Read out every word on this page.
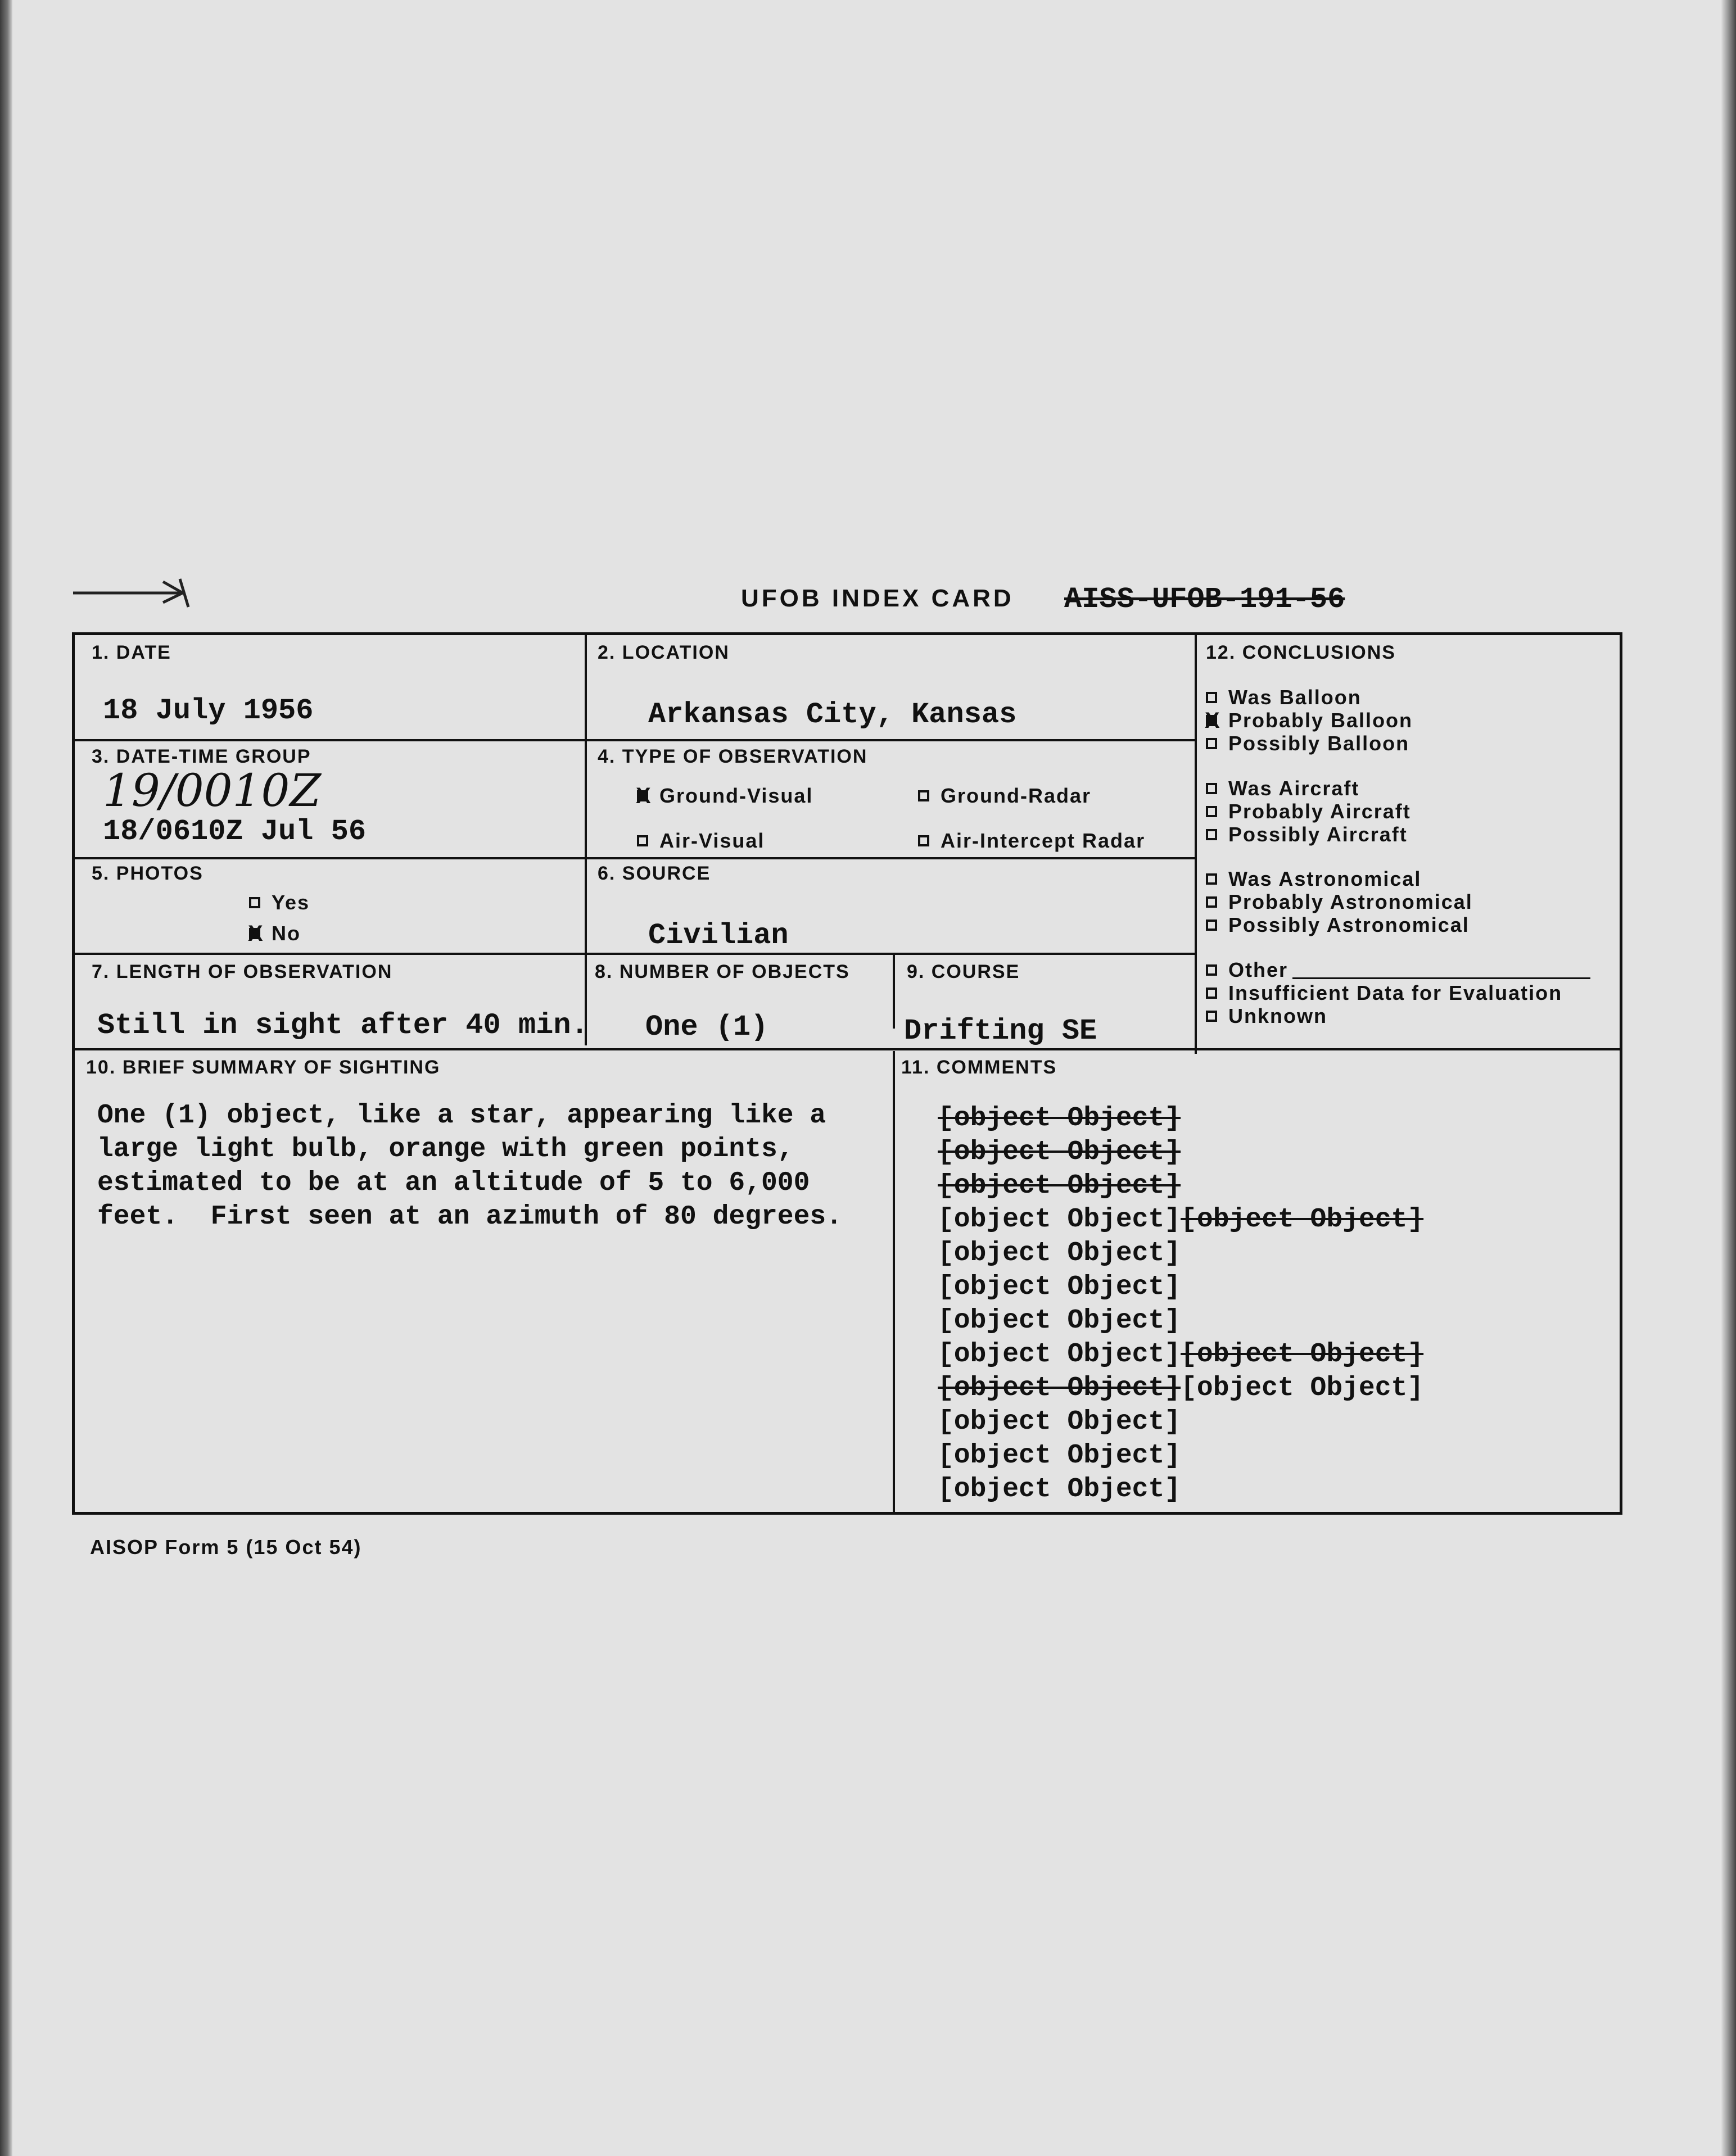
UFOB INDEX CARD AISS-UFOB-191-56
1. DATE
18 July 1956
2. LOCATION
Arkansas City, Kansas
3. DATE-TIME GROUP
19/0010Z
18/0610Z Jul 56
4. TYPE OF OBSERVATION
X
Ground-Visual	Ground-Radar
Air-Visual	Air-Intercept Radar
5. PHOTOS
Yes
X
No
6. SOURCE
Civilian
7. LENGTH OF OBSERVATION
Still in sight after 40 min.
8. NUMBER OF OBJECTS
One (1)
9. COURSE
Drifting SE
12. CONCLUSIONS
Was Balloon
X
Probably Balloon
Possibly Balloon
Was Aircraft
Probably Aircraft
Possibly Aircraft
Was Astronomical
Probably Astronomical
Possibly Astronomical
Other
Insufficient Data for Evaluation
Unknown
10. BRIEF SUMMARY OF SIGHTING
One (1) object, like a star, appearing like a
large light bulb, orange with green points,
estimated to be at an altitude of 5 to 6,000
feet.  First seen at an azimuth of 80 degrees.
11. COMMENTS
[object Object]
[object Object]
[object Object]
[object Object][object Object]
[object Object]
[object Object]
[object Object]
[object Object][object Object]
[object Object][object Object]
[object Object]
[object Object]
[object Object]
AISOP Form 5 (15 Oct 54)
